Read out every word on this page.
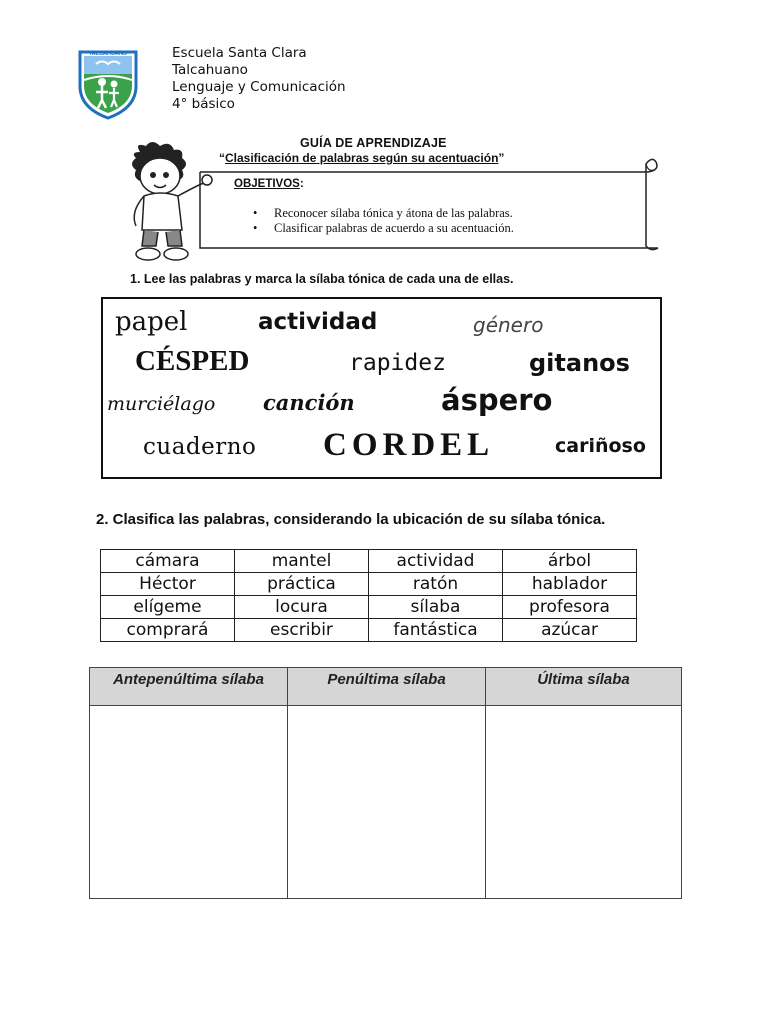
TALCAHUANO	Escuela Santa Clara
Talcahuano
Lenguaje y Comunicación
4° básico
GUÍA DE APRENDIZAJE
“Clasificación de palabras según su acentuación”
OBJETIVOS:
• Reconocer sílaba tónica y átona de las palabras.
• Clasificar palabras de acuerdo a su acentuación.
1. Lee las palabras y marca la sílaba tónica de cada una de ellas.
papel	actividad	género
CÉSPED	rapidez	gitanos
murciélago canción	áspero
cuaderno CORDEL	cariñoso
2. Clasifica las palabras, considerando la ubicación de su sílaba tónica.
cámara	mantel	actividad	árbol
Héctor	práctica	ratón	hablador
elígeme	locura	sílaba	profesora
comprará	escribir	fantástica	azúcar
Antepenúltima sílaba	Penúltima sílaba	Última sílaba
